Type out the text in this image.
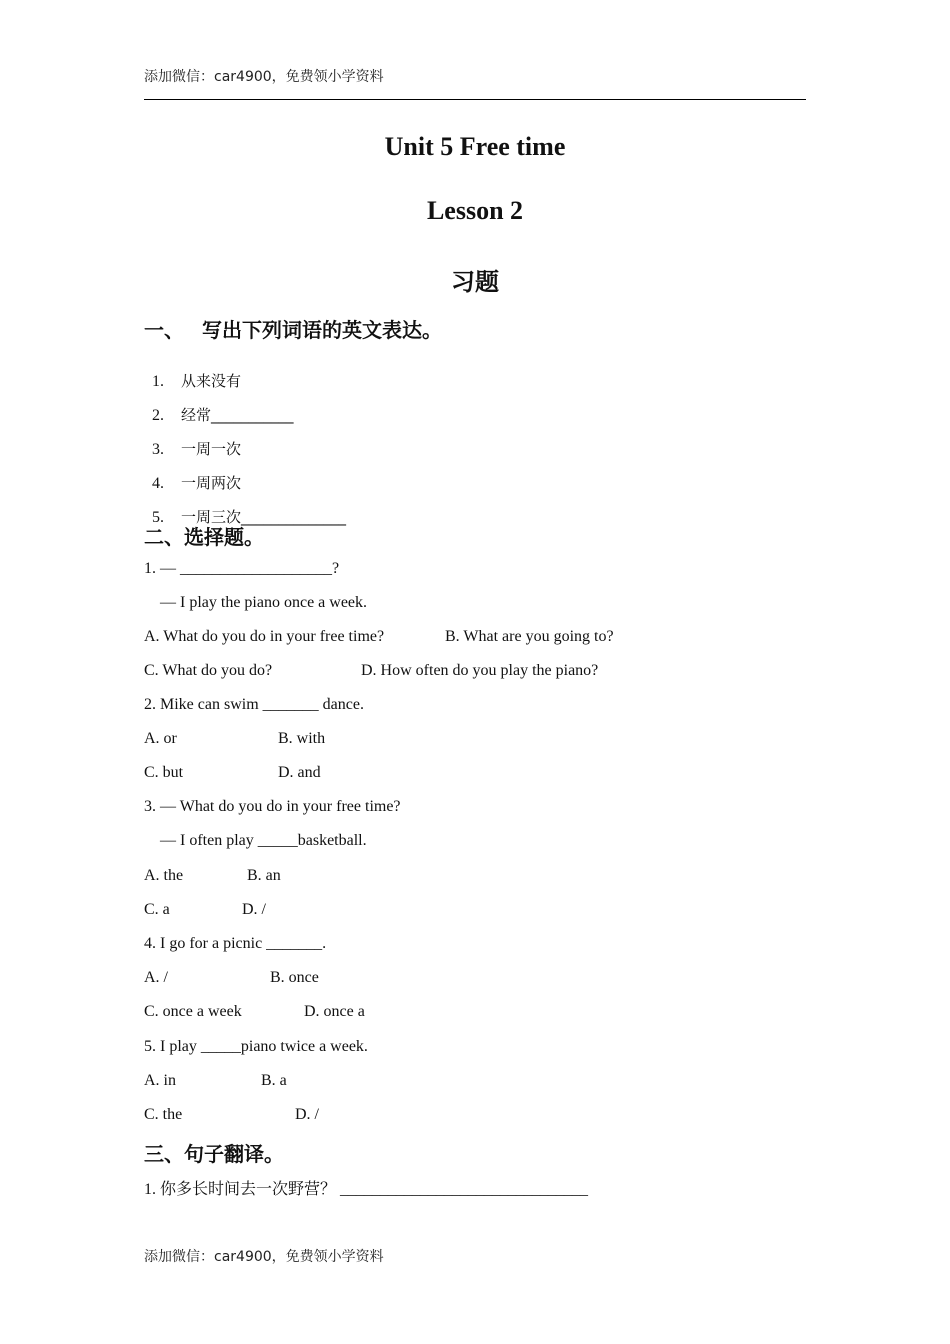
添加微信：car4900，免费领小学资料
Unit 5 Free time
Lesson 2
习题
一、 写出下列词语的英文表达。

1. 从来没有

2. 经常___________

3. 一周一次

4. 一周两次

5. 一周三次______________

二、选择题。
1. — ___________________?
— I play the piano once a week.
A. What do you do in your free time?	B. What are you going to?
C. What do you do?	D. How often do you play the piano?
2. Mike can swim _______ dance.
A. or	B. with
C. but	D. and
3. — What do you do in your free time?
— I often play _____basketball.
A. the	B. an
C. a	D. /
4. I go for a picnic _______.
A. /	B. once
C. once a week	D. once a
5. I play _____piano twice a week.
A. in	B. a
C. the	D. /
三、句子翻译。
1. 你多长时间去一次野营？ _______________________________
添加微信：car4900，免费领小学资料
